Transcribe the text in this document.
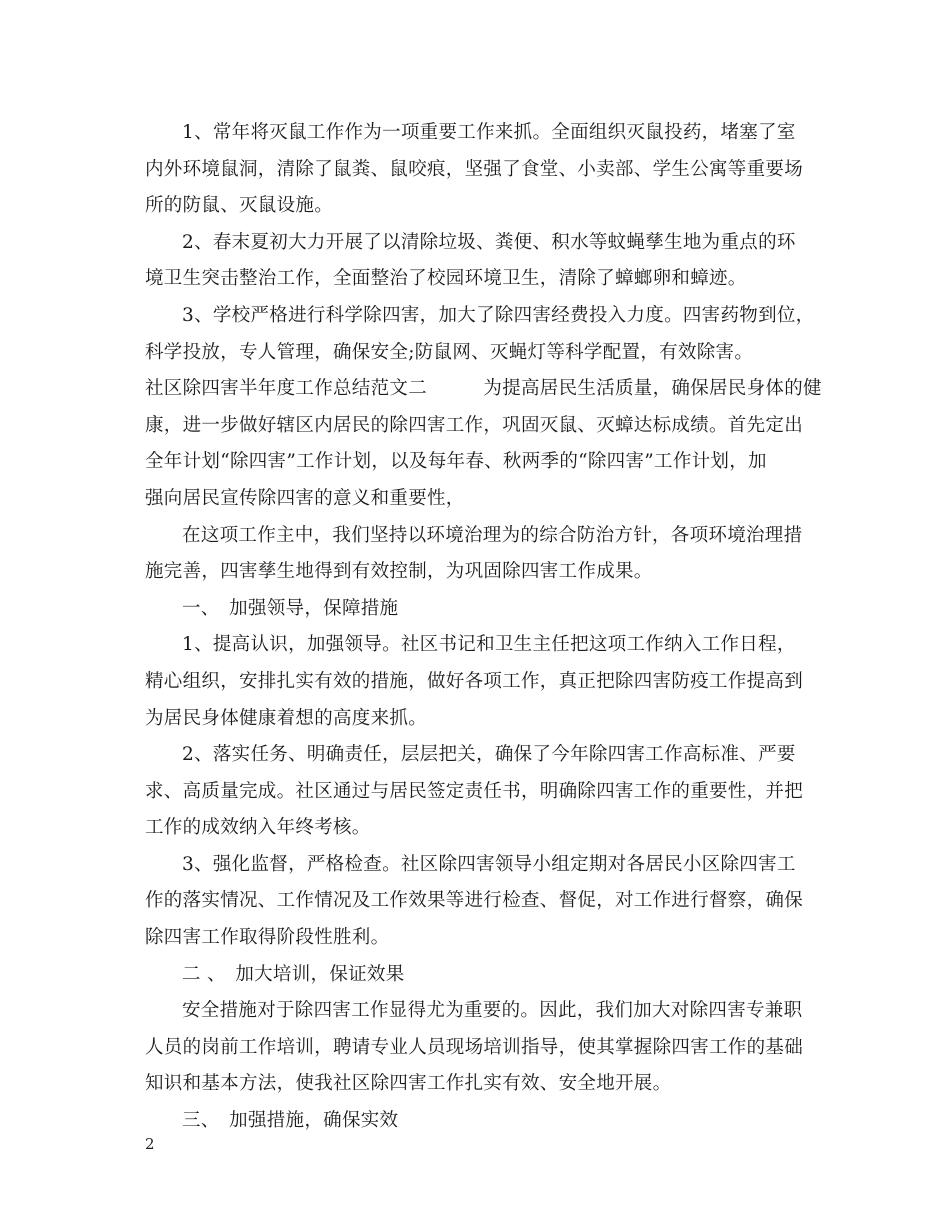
1、常年将灭鼠工作作为一项重要工作来抓。全面组织灭鼠投药，堵塞了室
内外环境鼠洞，清除了鼠粪、鼠咬痕，坚强了食堂、小卖部、学生公寓等重要场
所的防鼠、灭鼠设施。
2、春末夏初大力开展了以清除垃圾、粪便、积水等蚊蝇孳生地为重点的环
境卫生突击整治工作，全面整治了校园环境卫生，清除了蟑螂卵和蟑迹。
3、学校严格进行科学除四害，加大了除四害经费投入力度。四害药物到位，
科学投放，专人管理，确保安全;防鼠网、灭蝇灯等科学配置，有效除害。
社区除四害半年度工作总结范文二　　　为提高居民生活质量，确保居民身体的健
康，进一步做好辖区内居民的除四害工作，巩固灭鼠、灭蟑达标成绩。首先定出
全年计划“除四害”工作计划，以及每年春、秋两季的“除四害”工作计划，加
强向居民宣传除四害的意义和重要性，
在这项工作主中，我们坚持以环境治理为的综合防治方针，各项环境治理措
施完善，四害孳生地得到有效控制，为巩固除四害工作成果。
一、　加强领导，保障措施
1、提高认识，加强领导。社区书记和卫生主任把这项工作纳入工作日程，
精心组织，安排扎实有效的措施，做好各项工作，真正把除四害防疫工作提高到
为居民身体健康着想的高度来抓。
2、落实任务、明确责任，层层把关，确保了今年除四害工作高标准、严要
求、高质量完成。社区通过与居民签定责任书，明确除四害工作的重要性，并把
工作的成效纳入年终考核。
3、强化监督，严格检查。社区除四害领导小组定期对各居民小区除四害工
作的落实情况、工作情况及工作效果等进行检查、督促，对工作进行督察，确保
除四害工作取得阶段性胜利。
二 、　加大培训，保证效果
安全措施对于除四害工作显得尤为重要的。因此，我们加大对除四害专兼职
人员的岗前工作培训，聘请专业人员现场培训指导，使其掌握除四害工作的基础
知识和基本方法，使我社区除四害工作扎实有效、安全地开展。
三、　加强措施，确保实效
2
